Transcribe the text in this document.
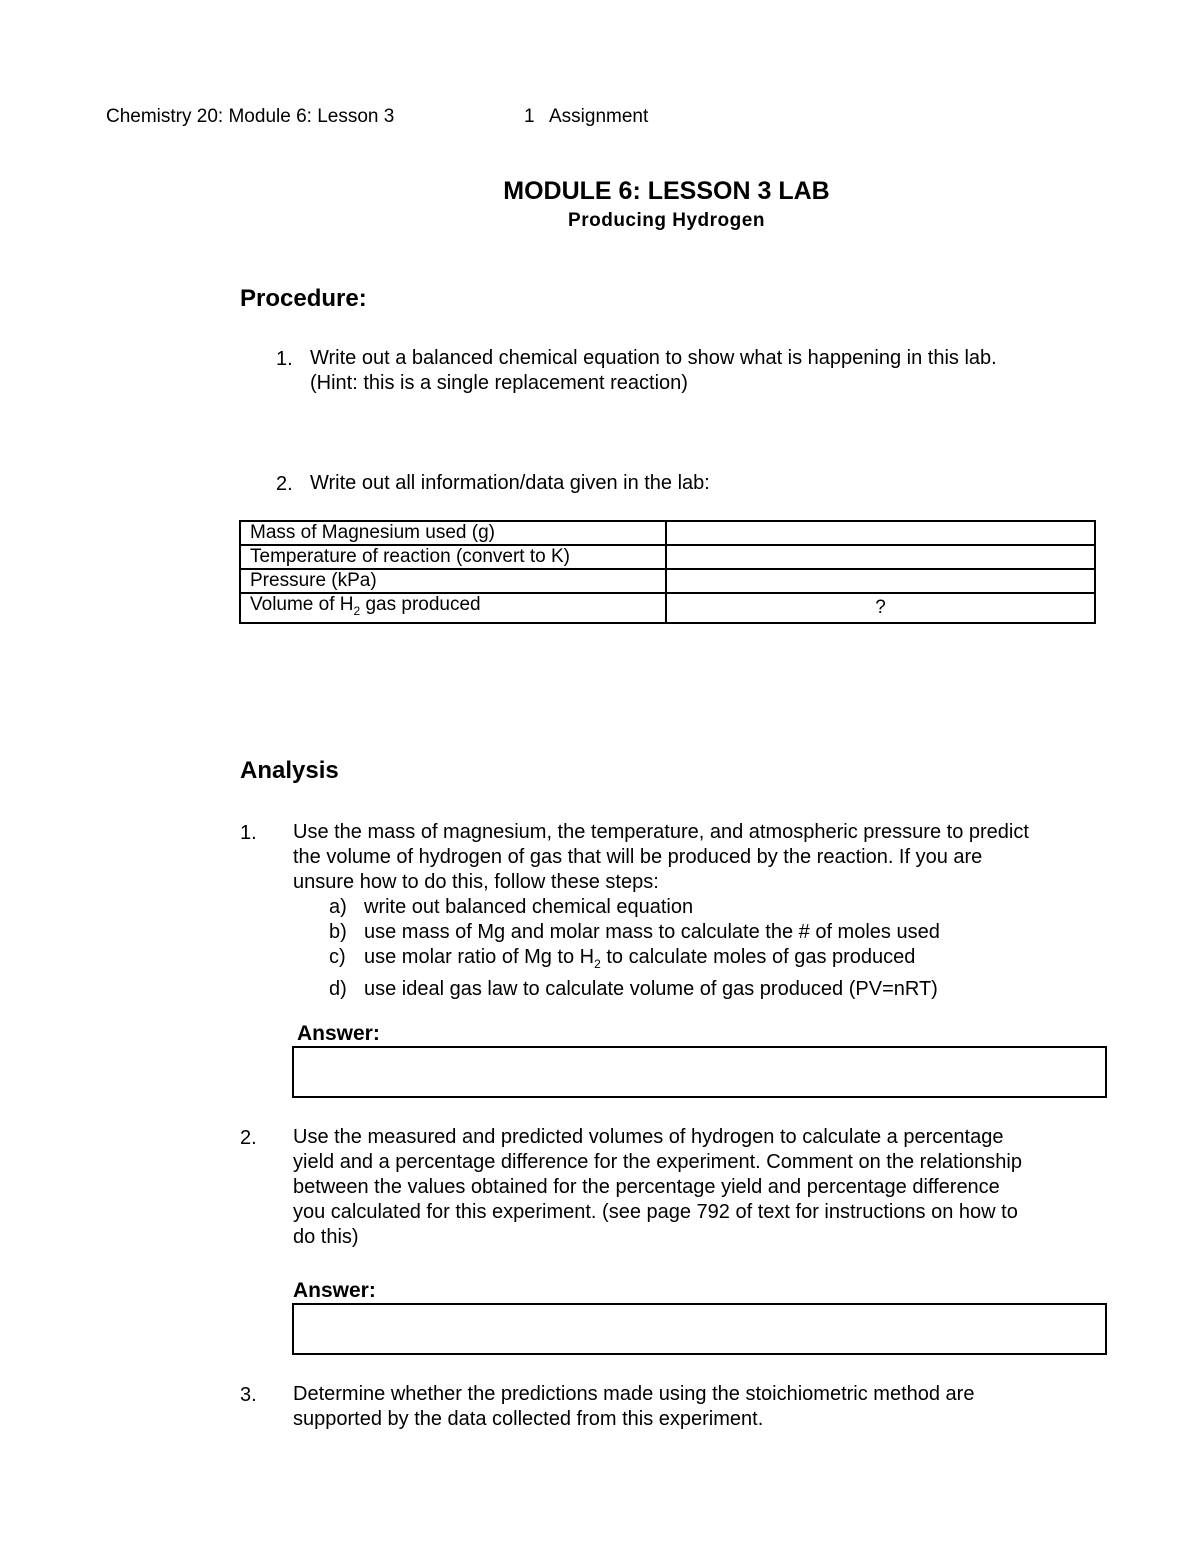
Chemistry 20: Module 6: Lesson 3	1 Assignment
MODULE 6: LESSON 3 LAB
Producing Hydrogen
Procedure:
1. Write out a balanced chemical equation to show what is happening in this lab.
(Hint: this is a single replacement reaction)
2. Write out all information/data given in the lab:
Mass of Magnesium used (g)	
Temperature of reaction (convert to K)	
Pressure (kPa)	
Volume of $H_2$ gas produced	?
Analysis
1. Use the mass of magnesium, the temperature, and atmospheric pressure to predict
the volume of hydrogen of gas that will be produced by the reaction. If you are
unsure how to do this, follow these steps:
a) write out balanced chemical equation
b) use mass of Mg and molar mass to calculate the # of moles used
c) use molar ratio of Mg to $H_2$ to calculate moles of gas produced
d) use ideal gas law to calculate volume of gas produced (PV=nRT)
Answer:
2. Use the measured and predicted volumes of hydrogen to calculate a percentage
yield and a percentage difference for the experiment. Comment on the relationship
between the values obtained for the percentage yield and percentage difference
you calculated for this experiment. (see page 792 of text for instructions on how to
do this)
Answer:
3. Determine whether the predictions made using the stoichiometric method are
supported by the data collected from this experiment.
